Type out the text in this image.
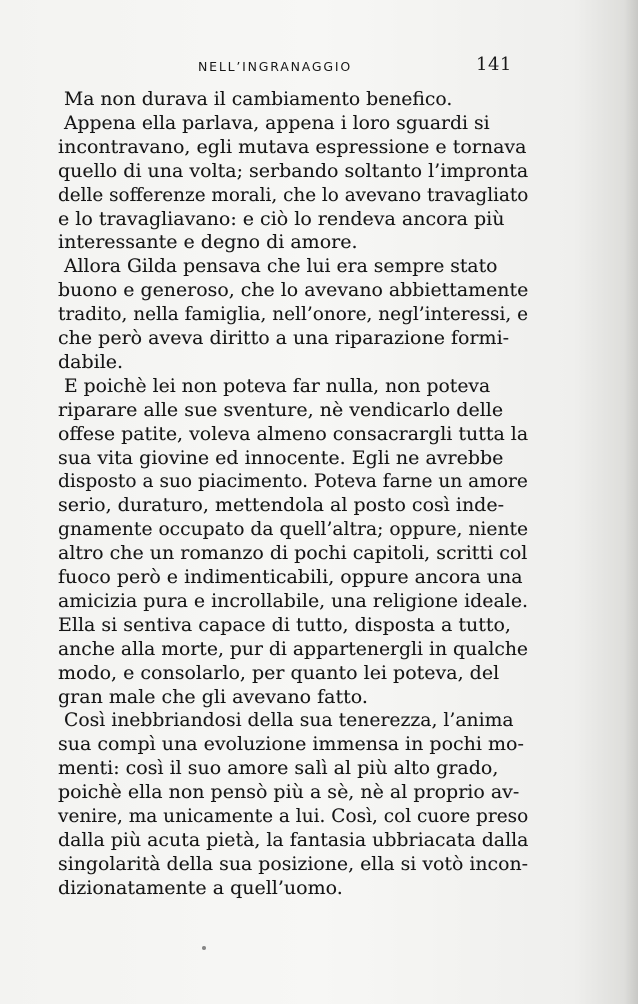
NELL’INGRANAGGIO	141
Ma non durava il cambiamento benefico.
Appena ella parlava, appena i loro sguardi si
incontravano, egli mutava espressione e tornava
quello di una volta; serbando soltanto l’impronta
delle sofferenze morali, che lo avevano travagliato
e lo travagliavano: e ciò lo rendeva ancora più
interessante e degno di amore.
Allora Gilda pensava che lui era sempre stato
buono e generoso, che lo avevano abbiettamente
tradito, nella famiglia, nell’onore, negl’interessi, e
che però aveva diritto a una riparazione formi-
dabile.
E poichè lei non poteva far nulla, non poteva
riparare alle sue sventure, nè vendicarlo delle
offese patite, voleva almeno consacrargli tutta la
sua vita giovine ed innocente. Egli ne avrebbe
disposto a suo piacimento. Poteva farne un amore
serio, duraturo, mettendola al posto così inde-
gnamente occupato da quell’altra; oppure, niente
altro che un romanzo di pochi capitoli, scritti col
fuoco però e indimenticabili, oppure ancora una
amicizia pura e incrollabile, una religione ideale.
Ella si sentiva capace di tutto, disposta a tutto,
anche alla morte, pur di appartenergli in qualche
modo, e consolarlo, per quanto lei poteva, del
gran male che gli avevano fatto.
Così inebbriandosi della sua tenerezza, l’anima
sua compì una evoluzione immensa in pochi mo-
menti: così il suo amore salì al più alto grado,
poichè ella non pensò più a sè, nè al proprio av-
venire, ma unicamente a lui. Così, col cuore preso
dalla più acuta pietà, la fantasia ubbriacata dalla
singolarità della sua posizione, ella si votò incon-
dizionatamente a quell’uomo.
